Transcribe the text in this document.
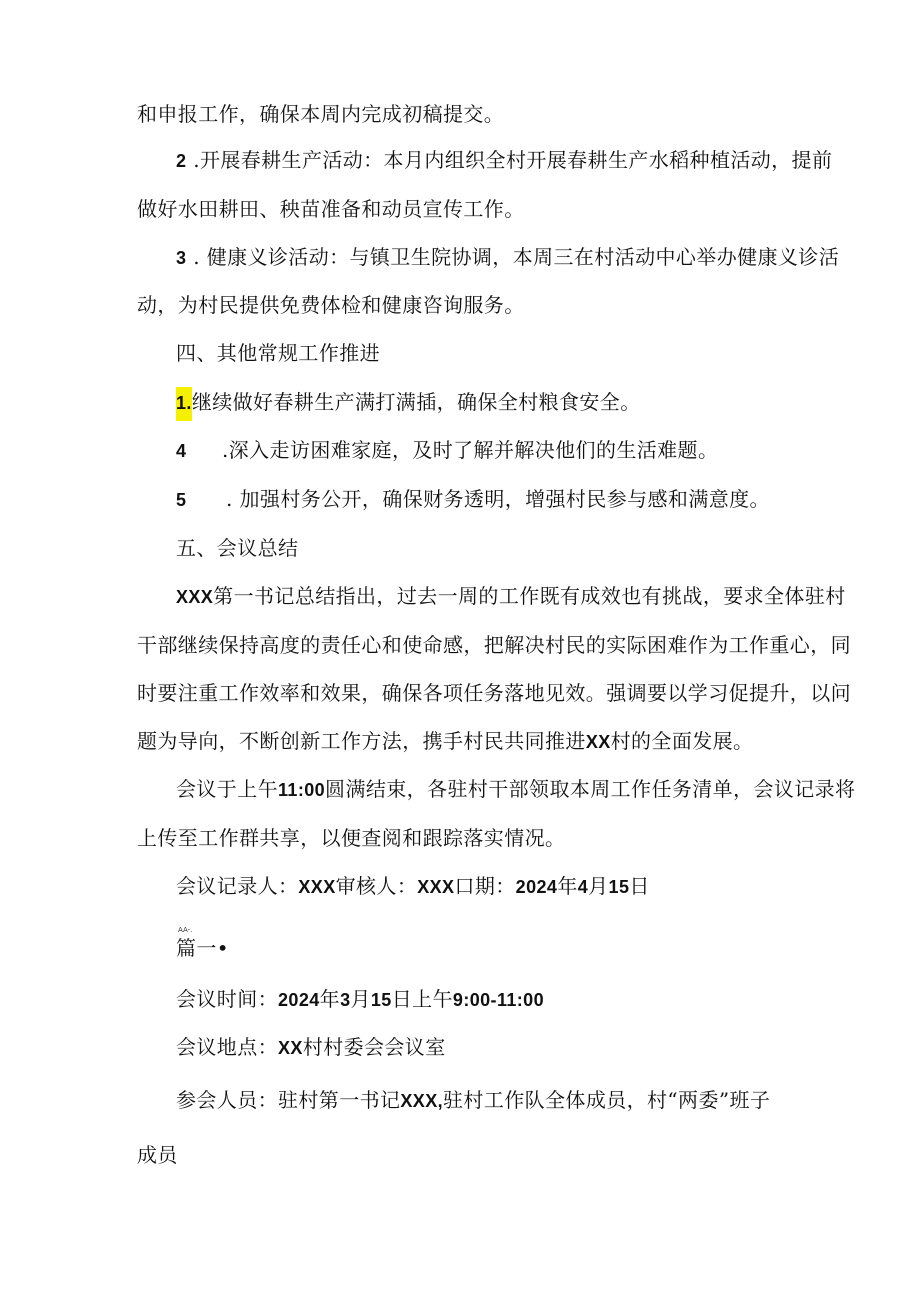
和申报工作，确保本周内完成初稿提交。
2 .开展春耕生产活动：本月内组织全村开展春耕生产水稻种植活动，提前
做好水田耕田、秧苗准备和动员宣传工作。
3 . 健康义诊活动：与镇卫生院协调，本周三在村活动中心举办健康义诊活
动，为村民提供免费体检和健康咨询服务。
四、其他常规工作推进
1.继续做好春耕生产满打满插，确保全村粮食安全。
4 .深入走访困难家庭，及时了解并解决他们的生活难题。
5 . 加强村务公开，确保财务透明，增强村民参与感和满意度。
五、会议总结
XXX第一书记总结指出，过去一周的工作既有成效也有挑战，要求全体驻村
干部继续保持高度的责任心和使命感，把解决村民的实际困难作为工作重心，同
时要注重工作效率和效果，确保各项任务落地见效。强调要以学习促提升，以问
题为导向，不断创新工作方法，携手村民共同推进XX村的全面发展。
会议于上午11:00圆满结束，各驻村干部领取本周工作任务清单，会议记录将
上传至工作群共享，以便查阅和跟踪落实情况。
会议记录人：XXX审核人：XXX口期：2024年4月15日
AA-.
篇一•
会议时间：2024年3月15日上午9:00-11:00
会议地点：XX村村委会会议室
参会人员：驻村第一书记XXX,驻村工作队全体成员，村“两委”班子
成员
